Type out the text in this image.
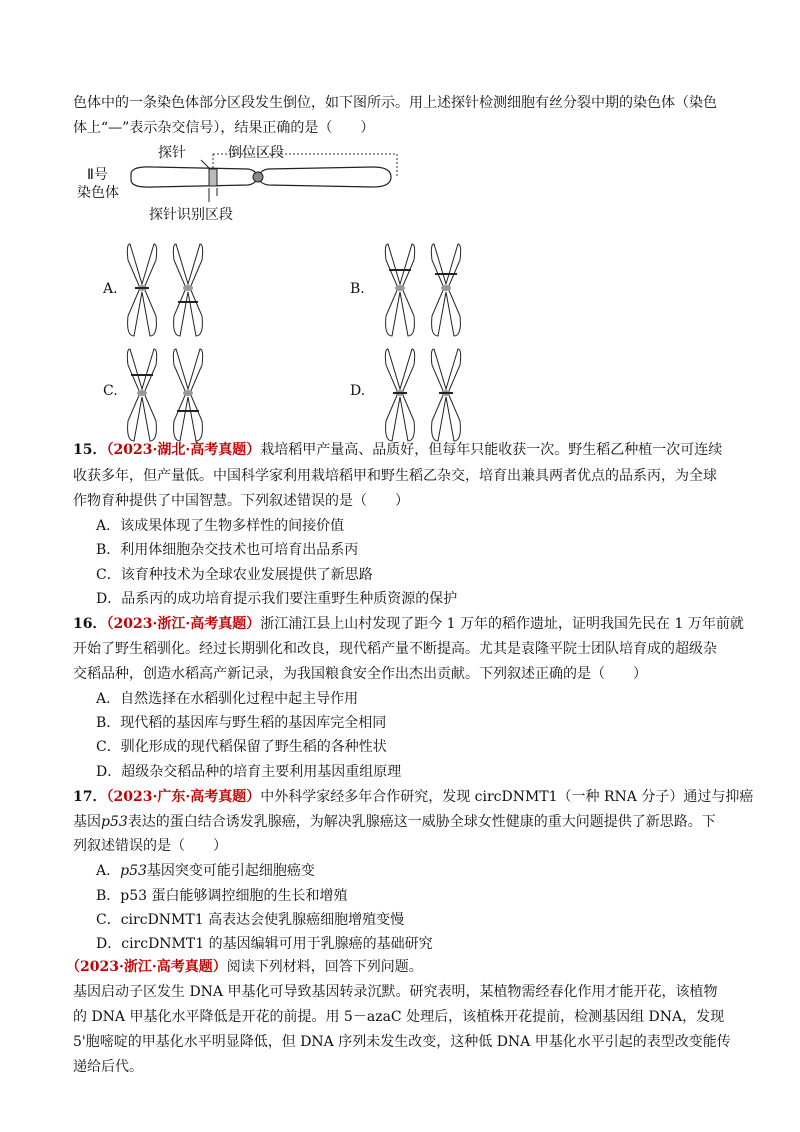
色体中的一条染色体部分区段发生倒位，如下图所示。用上述探针检测细胞有丝分裂中期的染色体（染色
体上“—”表示杂交信号），结果正确的是（　　）
探针	倒位区段
Ⅱ号
染色体
探针识别区段
A.	B.
C.	D.
15．（2023·湖北·高考真题）栽培稻甲产量高、品质好，但每年只能收获一次。野生稻乙种植一次可连续
收获多年，但产量低。中国科学家利用栽培稻甲和野生稻乙杂交，培育出兼具两者优点的品系丙，为全球
作物育种提供了中国智慧。下列叙述错误的是（　　）
A．该成果体现了生物多样性的间接价值
B．利用体细胞杂交技术也可培育出品系丙
C．该育种技术为全球农业发展提供了新思路
D．品系丙的成功培育提示我们要注重野生种质资源的保护
16．（2023·浙江·高考真题）浙江浦江县上山村发现了距今 1 万年的稻作遗址，证明我国先民在 1 万年前就
开始了野生稻驯化。经过长期驯化和改良，现代稻产量不断提高。尤其是袁隆平院士团队培育成的超级杂
交稻品种，创造水稻高产新记录，为我国粮食安全作出杰出贡献。下列叙述正确的是（　　）
A．自然选择在水稻驯化过程中起主导作用
B．现代稻的基因库与野生稻的基因库完全相同
C．驯化形成的现代稻保留了野生稻的各种性状
D．超级杂交稻品种的培育主要利用基因重组原理
17．（2023·广东·高考真题）中外科学家经多年合作研究，发现 circDNMT1（一种 RNA 分子）通过与抑癌
基因p53表达的蛋白结合诱发乳腺癌，为解决乳腺癌这一威胁全球女性健康的重大问题提供了新思路。下
列叙述错误的是（　　）
A．p53基因突变可能引起细胞癌变
B．p53 蛋白能够调控细胞的生长和增殖
C．circDNMT1 高表达会使乳腺癌细胞增殖变慢
D．circDNMT1 的基因编辑可用于乳腺癌的基础研究
（2023·浙江·高考真题）阅读下列材料，回答下列问题。
基因启动子区发生 DNA 甲基化可导致基因转录沉默。研究表明，某植物需经春化作用才能开花，该植物
的 DNA 甲基化水平降低是开花的前提。用 5－azaC 处理后，该植株开花提前，检测基因组 DNA，发现
5'胞嘧啶的甲基化水平明显降低，但 DNA 序列未发生改变，这种低 DNA 甲基化水平引起的表型改变能传
递给后代。
